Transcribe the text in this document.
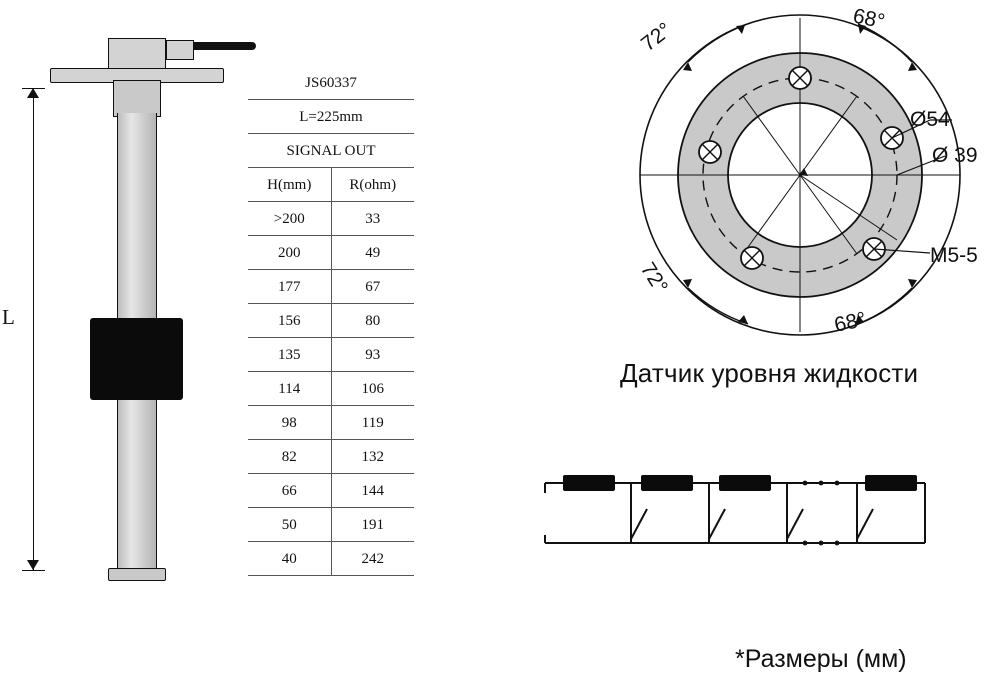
L
JS60337	
L=225mm	
SIGNAL OUT	
H(mm)	R(ohm)
>200	33
200	49
177	67
156	80
135	93
114	106
98	119
82	132
66	144
50	191
40	242
72°	68°
72°
68°
Ø54
Ø 39
M5-5
Датчик уровня жидкости
*Размеры (мм)
